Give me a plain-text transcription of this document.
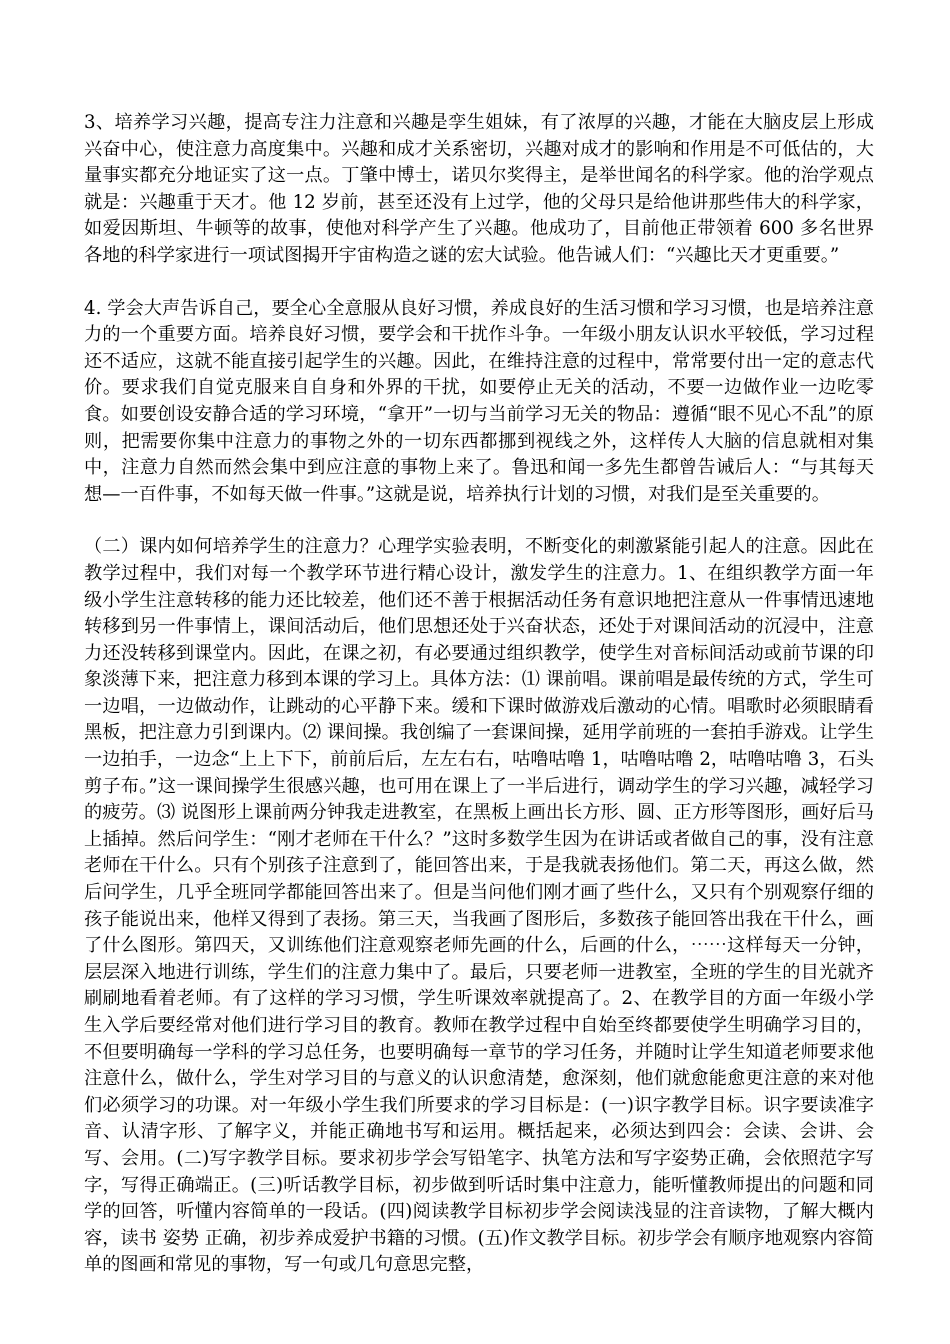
3、培养学习兴趣，提高专注力注意和兴趣是孪生姐妹，有了浓厚的兴趣，才能在大脑皮层上形成兴奋中心，使注意力高度集中。兴趣和成才关系密切，兴趣对成才的影响和作用是不可低估的，大量事实都充分地证实了这一点。丁肇中博士，诺贝尔奖得主，是举世闻名的科学家。他的治学观点就是：兴趣重于天才。他 12 岁前，甚至还没有上过学，他的父母只是给他讲那些伟大的科学家，如爱因斯坦、牛顿等的故事，使他对科学产生了兴趣。他成功了，目前他正带领着 600 多名世界各地的科学家进行一项试图揭开宇宙构造之谜的宏大试验。他告诫人们：“兴趣比天才更重要。”

4. 学会大声告诉自己，要全心全意服从良好习惯，养成良好的生活习惯和学习习惯，也是培养注意力的一个重要方面。培养良好习惯，要学会和干扰作斗争。一年级小朋友认识水平较低，学习过程还不适应，这就不能直接引起学生的兴趣。因此，在维持注意的过程中，常常要付出一定的意志代价。要求我们自觉克服来自自身和外界的干扰，如要停止无关的活动，不要一边做作业一边吃零食。如要创设安静合适的学习环境，“拿开”一切与当前学习无关的物品：遵循“眼不见心不乱”的原则，把需要你集中注意力的事物之外的一切东西都挪到视线之外，这样传人大脑的信息就相对集中，注意力自然而然会集中到应注意的事物上来了。鲁迅和闻一多先生都曾告诫后人：“与其每天想—一百件事，不如每天做一件事。”这就是说，培养执行计划的习惯，对我们是至关重要的。

（二）课内如何培养学生的注意力？心理学实验表明，不断变化的刺激紧能引起人的注意。因此在教学过程中，我们对每一个教学环节进行精心设计，激发学生的注意力。1、在组织教学方面一年级小学生注意转移的能力还比较差，他们还不善于根据活动任务有意识地把注意从一件事情迅速地转移到另一件事情上，课间活动后，他们思想还处于兴奋状态，还处于对课间活动的沉浸中，注意力还没转移到课堂内。因此，在课之初，有必要通过组织教学，使学生对音标间活动或前节课的印象淡薄下来，把注意力移到本课的学习上。具体方法：⑴ 课前唱。课前唱是最传统的方式，学生可一边唱，一边做动作，让跳动的心平静下来。缓和下课时做游戏后激动的心情。唱歌时必须眼睛看黑板，把注意力引到课内。⑵ 课间操。我创编了一套课间操，延用学前班的一套拍手游戏。让学生一边拍手，一边念“上上下下，前前后后，左左右右，咕噜咕噜 1，咕噜咕噜 2，咕噜咕噜 3，石头剪子布。”这一课间操学生很感兴趣，也可用在课上了一半后进行，调动学生的学习兴趣，减轻学习的疲劳。⑶ 说图形上课前两分钟我走进教室，在黑板上画出长方形、圆、正方形等图形，画好后马上插掉。然后问学生：“刚才老师在干什么？”这时多数学生因为在讲话或者做自己的事，没有注意老师在干什么。只有个别孩子注意到了，能回答出来，于是我就表扬他们。第二天，再这么做，然后问学生，几乎全班同学都能回答出来了。但是当问他们刚才画了些什么，又只有个别观察仔细的孩子能说出来，他样又得到了表扬。第三天，当我画了图形后，多数孩子能回答出我在干什么，画了什么图形。第四天，又训练他们注意观察老师先画的什么，后画的什么，⋯⋯这样每天一分钟，层层深入地进行训练，学生们的注意力集中了。最后，只要老师一进教室，全班的学生的目光就齐刷刷地看着老师。有了这样的学习习惯，学生听课效率就提高了。2、在教学目的方面一年级小学生入学后要经常对他们进行学习目的教育。教师在教学过程中自始至终都要使学生明确学习目的，不但要明确每一学科的学习总任务，也要明确每一章节的学习任务，并随时让学生知道老师要求他注意什么，做什么，学生对学习目的与意义的认识愈清楚，愈深刻，他们就愈能愈更注意的来对他们必须学习的功课。对一年级小学生我们所要求的学习目标是：(一)识字教学目标。识字要读准字音、认清字形、了解字义，并能正确地书写和运用。概括起来，必须达到四会：会读、会讲、会写、会用。(二)写字教学目标。要求初步学会写铅笔字、执笔方法和写字姿势正确，会依照范字写字，写得正确端正。(三)听话教学目标，初步做到听话时集中注意力，能听懂教师提出的问题和同学的回答，听懂内容简单的一段话。(四)阅读教学目标初步学会阅读浅显的注音读物，了解大概内容，读书 姿势 正确，初步养成爱护书籍的习惯。(五)作文教学目标。初步学会有顺序地观察内容简单的图画和常见的事物，写一句或几句意思完整，
